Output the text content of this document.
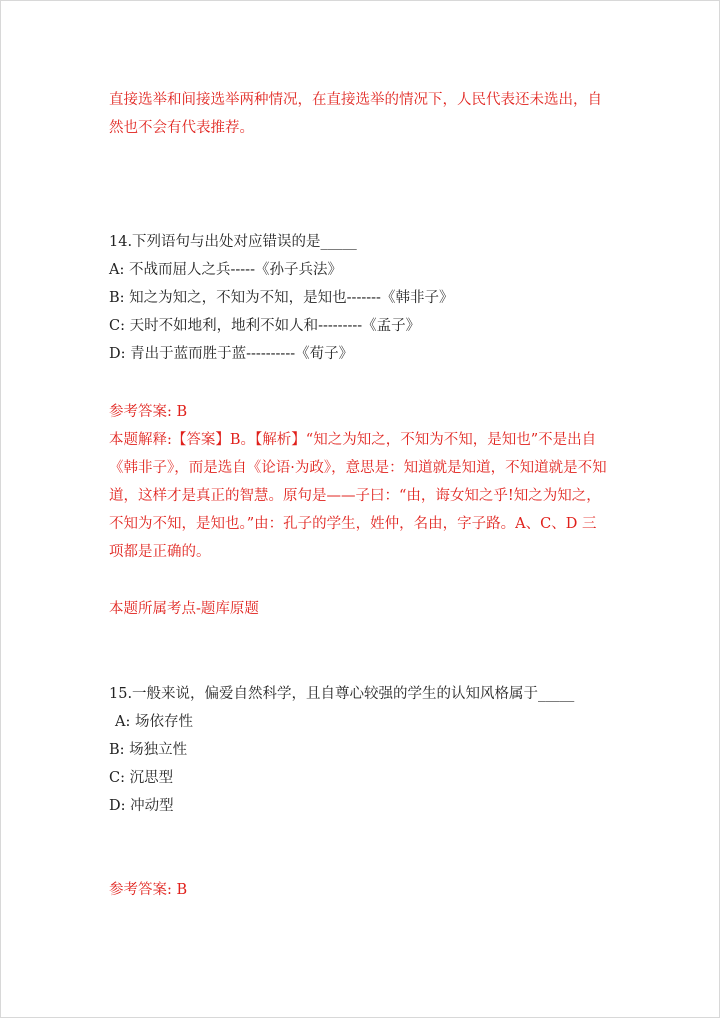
直接选举和间接选举两种情况，在直接选举的情况下，人民代表还未选出，自
然也不会有代表推荐。
14.下列语句与出处对应错误的是_____
A: 不战而屈人之兵-----《孙子兵法》
B: 知之为知之，不知为不知，是知也-------《韩非子》
C: 天时不如地利，地利不如人和---------《孟子》
D: 青出于蓝而胜于蓝----------《荀子》
参考答案: B
本题解释:【答案】B。【解析】“知之为知之，不知为不知，是知也”不是出自
《韩非子》，而是选自《论语·为政》，意思是：知道就是知道，不知道就是不知
道，这样才是真正的智慧。原句是——子曰：“由，诲女知之乎!知之为知之，
不知为不知，是知也。”由：孔子的学生，姓仲，名由，字子路。A、C、D 三
项都是正确的。
本题所属考点-题库原题
15.一般来说，偏爱自然科学，且自尊心较强的学生的认知风格属于_____
A: 场依存性
B: 场独立性
C: 沉思型
D: 冲动型
参考答案: B
